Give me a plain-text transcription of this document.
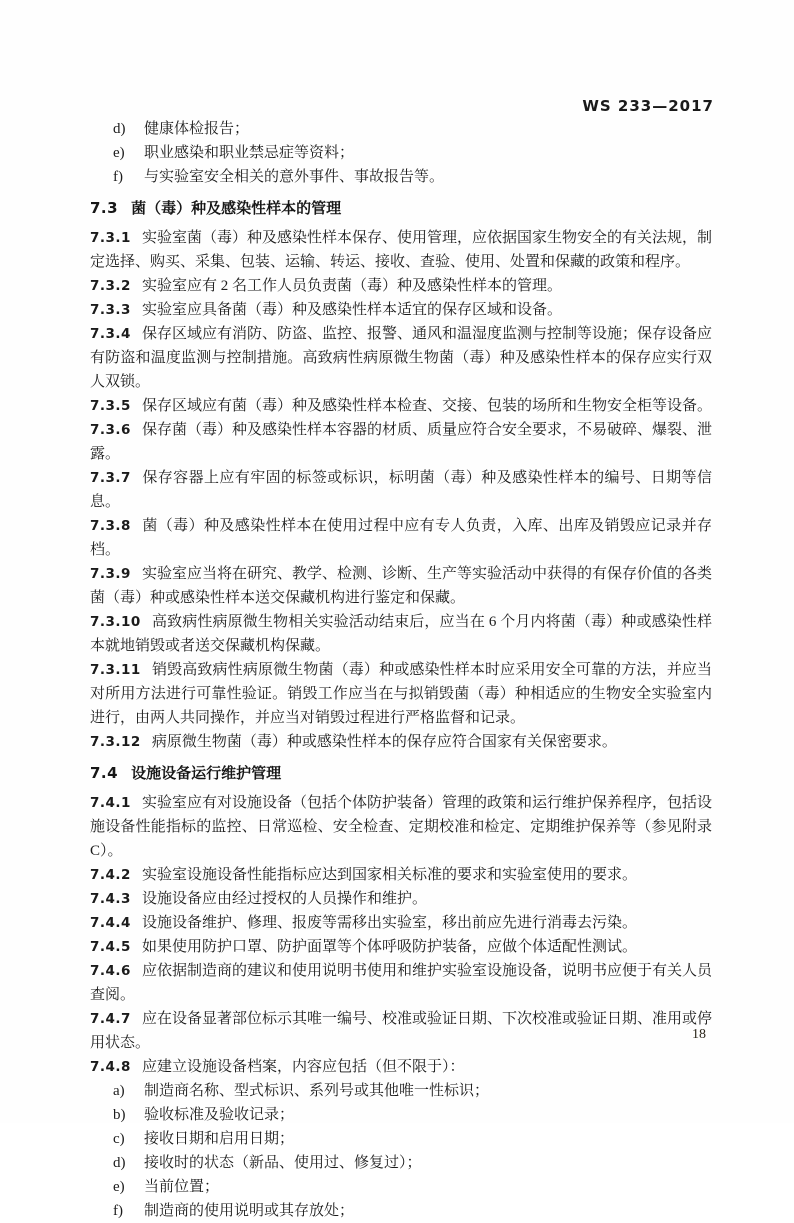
WS 233—2017
d)	健康体检报告；
e)	职业感染和职业禁忌症等资料；
f)	与实验室安全相关的意外事件、事故报告等。
7.3 菌（毒）种及感染性样本的管理

7.3.1 实验室菌（毒）种及感染性样本保存、使用管理，应依据国家生物安全的有关法规，制定选择、购买、采集、包装、运输、转运、接收、查验、使用、处置和保藏的政策和程序。

7.3.2 实验室应有 2 名工作人员负责菌（毒）种及感染性样本的管理。

7.3.3 实验室应具备菌（毒）种及感染性样本适宜的保存区域和设备。

7.3.4 保存区域应有消防、防盗、监控、报警、通风和温湿度监测与控制等设施；保存设备应有防盗和温度监测与控制措施。高致病性病原微生物菌（毒）种及感染性样本的保存应实行双人双锁。

7.3.5 保存区域应有菌（毒）种及感染性样本检查、交接、包装的场所和生物安全柜等设备。

7.3.6 保存菌（毒）种及感染性样本容器的材质、质量应符合安全要求，不易破碎、爆裂、泄露。

7.3.7 保存容器上应有牢固的标签或标识，标明菌（毒）种及感染性样本的编号、日期等信息。

7.3.8 菌（毒）种及感染性样本在使用过程中应有专人负责，入库、出库及销毁应记录并存档。

7.3.9 实验室应当将在研究、教学、检测、诊断、生产等实验活动中获得的有保存价值的各类菌（毒）种或感染性样本送交保藏机构进行鉴定和保藏。

7.3.10 高致病性病原微生物相关实验活动结束后，应当在 6 个月内将菌（毒）种或感染性样本就地销毁或者送交保藏机构保藏。

7.3.11 销毁高致病性病原微生物菌（毒）种或感染性样本时应采用安全可靠的方法，并应当对所用方法进行可靠性验证。销毁工作应当在与拟销毁菌（毒）种相适应的生物安全实验室内进行，由两人共同操作，并应当对销毁过程进行严格监督和记录。

7.3.12 病原微生物菌（毒）种或感染性样本的保存应符合国家有关保密要求。

7.4 设施设备运行维护管理

7.4.1 实验室应有对设施设备（包括个体防护装备）管理的政策和运行维护保养程序，包括设施设备性能指标的监控、日常巡检、安全检查、定期校准和检定、定期维护保养等（参见附录C）。

7.4.2 实验室设施设备性能指标应达到国家相关标准的要求和实验室使用的要求。

7.4.3 设施设备应由经过授权的人员操作和维护。

7.4.4 设施设备维护、修理、报废等需移出实验室，移出前应先进行消毒去污染。

7.4.5 如果使用防护口罩、防护面罩等个体呼吸防护装备，应做个体适配性测试。

7.4.6 应依据制造商的建议和使用说明书使用和维护实验室设施设备，说明书应便于有关人员查阅。

7.4.7 应在设备显著部位标示其唯一编号、校准或验证日期、下次校准或验证日期、准用或停用状态。

7.4.8 应建立设施设备档案，内容应包括（但不限于）：

a)	制造商名称、型式标识、系列号或其他唯一性标识；
b)	验收标准及验收记录；
c)	接收日期和启用日期；
d)	接收时的状态（新品、使用过、修复过）；
e)	当前位置；
f)	制造商的使用说明或其存放处；
18
